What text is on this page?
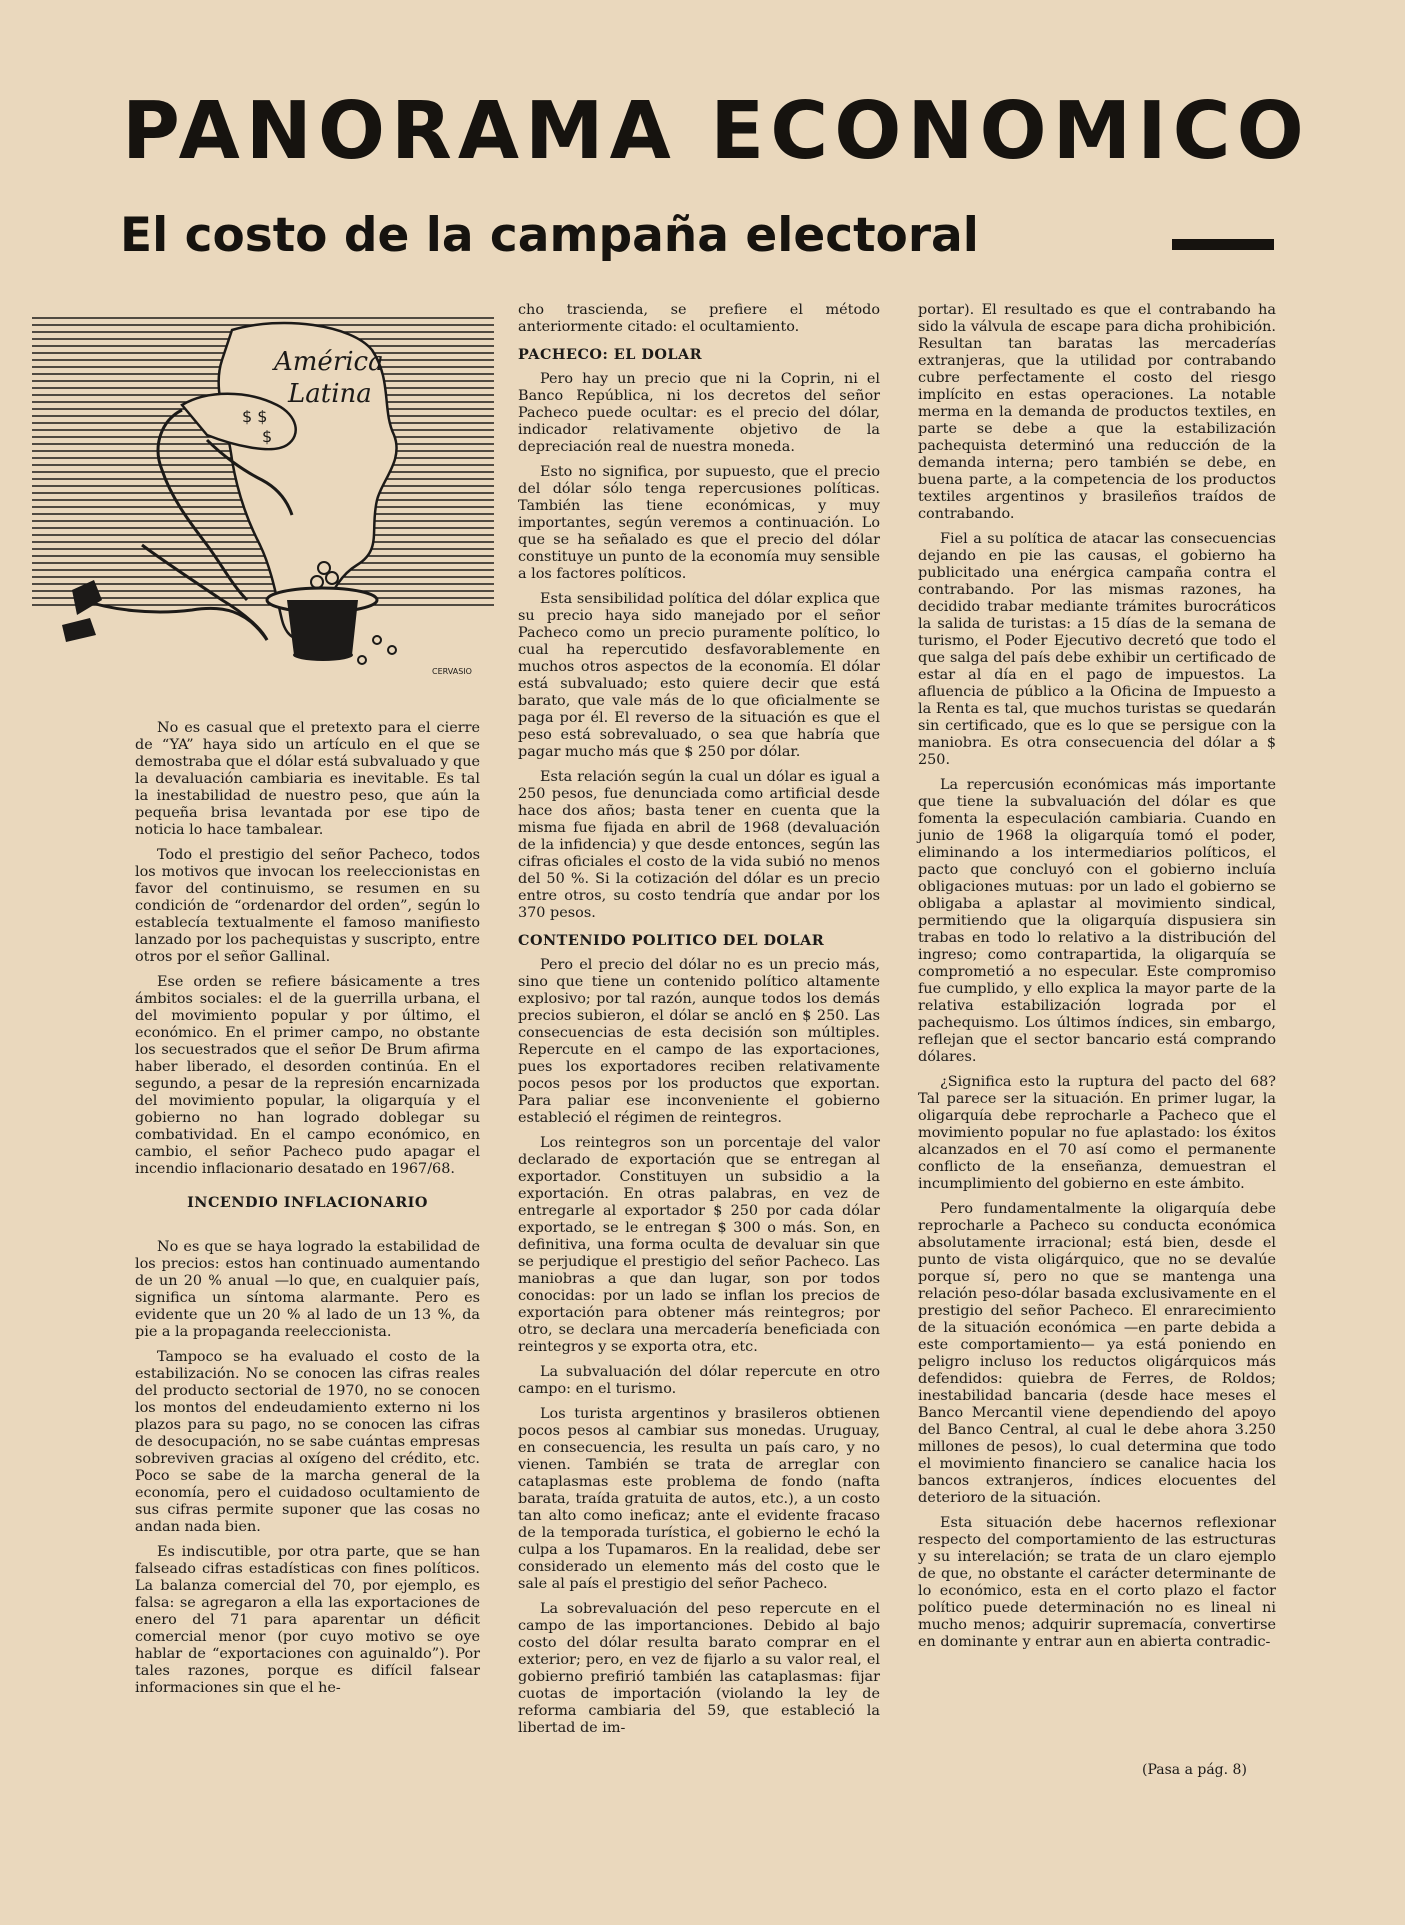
PANORAMA ECONOMICO
El costo de la campaña electoral
$ $
$
América
Latina
CERVASIO

No es casual que el pretexto para el cierre de “YA” haya sido un artículo en el que se demostraba que el dólar está subvaluado y que la devaluación cambiaria es inevitable. Es tal la inestabilidad de nuestro peso, que aún la pequeña brisa levantada por ese tipo de noticia lo hace tambalear.

Todo el prestigio del señor Pacheco, todos los motivos que invocan los reeleccionistas en favor del continuismo, se resumen en su condición de “ordenardor del orden”, según lo establecía textualmente el famoso manifiesto lanzado por los pachequistas y suscripto, entre otros por el señor Gallinal.

Ese orden se refiere básicamente a tres ámbitos sociales: el de la guerrilla urbana, el del movimiento popular y por último, el económico. En el primer campo, no obstante los secuestrados que el señor De Brum afirma haber liberado, el desorden continúa. En el segundo, a pesar de la represión encarnizada del movimiento popular, la oligarquía y el gobierno no han logrado doblegar su combatividad. En el campo económico, en cambio, el señor Pacheco pudo apagar el incendio inflacionario desatado en 1967/68.

INCENDIO INFLACIONARIO

No es que se haya logrado la estabilidad de los precios: estos han continuado aumentando de un 20 % anual —lo que, en cualquier país, significa un síntoma alarmante. Pero es evidente que un 20 % al lado de un 13 %, da pie a la propaganda reeleccionista.

Tampoco se ha evaluado el costo de la estabilización. No se conocen las cifras reales del producto sectorial de 1970, no se conocen los montos del endeudamiento externo ni los plazos para su pago, no se conocen las cifras de desocupación, no se sabe cuántas empresas sobreviven gracias al oxígeno del crédito, etc. Poco se sabe de la marcha general de la economía, pero el cuidadoso ocultamiento de sus cifras permite suponer que las cosas no andan nada bien.

Es indiscutible, por otra parte, que se han falseado cifras estadísticas con fines políticos. La balanza comercial del 70, por ejemplo, es falsa: se agregaron a ella las exportaciones de enero del 71 para aparentar un déficit comercial menor (por cuyo motivo se oye hablar de “exportaciones con aguinaldo”). Por tales razones, porque es difícil falsear informaciones sin que el he-

cho trascienda, se prefiere el método anteriormente citado: el ocultamiento.

PACHECO: EL DOLAR

Pero hay un precio que ni la Coprin, ni el Banco República, ni los decretos del señor Pacheco puede ocultar: es el precio del dólar, indicador relativamente objetivo de la depreciación real de nuestra moneda.

Esto no significa, por supuesto, que el precio del dólar sólo tenga repercusiones políticas. También las tiene económicas, y muy importantes, según veremos a continuación. Lo que se ha señalado es que el precio del dólar constituye un punto de la economía muy sensible a los factores políticos.

Esta sensibilidad política del dólar explica que su precio haya sido manejado por el señor Pacheco como un precio puramente político, lo cual ha repercutido desfavorablemente en muchos otros aspectos de la economía. El dólar está subvaluado; esto quiere decir que está barato, que vale más de lo que oficialmente se paga por él. El reverso de la situación es que el peso está sobrevaluado, o sea que habría que pagar mucho más que $ 250 por dólar.

Esta relación según la cual un dólar es igual a 250 pesos, fue denunciada como artificial desde hace dos años; basta tener en cuenta que la misma fue fijada en abril de 1968 (devaluación de la infidencia) y que desde entonces, según las cifras oficiales el costo de la vida subió no menos del 50 %. Si la cotización del dólar es un precio entre otros, su costo tendría que andar por los 370 pesos.

CONTENIDO POLITICO DEL DOLAR

Pero el precio del dólar no es un precio más, sino que tiene un contenido político altamente explosivo; por tal razón, aunque todos los demás precios subieron, el dólar se ancló en $ 250. Las consecuencias de esta decisión son múltiples. Repercute en el campo de las exportaciones, pues los exportadores reciben relativamente pocos pesos por los productos que exportan. Para paliar ese inconveniente el gobierno estableció el régimen de reintegros.

Los reintegros son un porcentaje del valor declarado de exportación que se entregan al exportador. Constituyen un subsidio a la exportación. En otras palabras, en vez de entregarle al exportador $ 250 por cada dólar exportado, se le entregan $ 300 o más. Son, en definitiva, una forma oculta de devaluar sin que se perjudique el prestigio del señor Pacheco. Las maniobras a que dan lugar, son por todos conocidas: por un lado se inflan los precios de exportación para obtener más reintegros; por otro, se declara una mercadería beneficiada con reintegros y se exporta otra, etc.

La subvaluación del dólar repercute en otro campo: en el turismo.

Los turista argentinos y brasileros obtienen pocos pesos al cambiar sus monedas. Uruguay, en consecuencia, les resulta un país caro, y no vienen. También se trata de arreglar con cataplasmas este problema de fondo (nafta barata, traída gratuita de autos, etc.), a un costo tan alto como ineficaz; ante el evidente fracaso de la temporada turística, el gobierno le echó la culpa a los Tupamaros. En la realidad, debe ser considerado un elemento más del costo que le sale al país el prestigio del señor Pacheco.

La sobrevaluación del peso repercute en el campo de las importanciones. Debido al bajo costo del dólar resulta barato comprar en el exterior; pero, en vez de fijarlo a su valor real, el gobierno prefirió también las cataplasmas: fijar cuotas de importación (violando la ley de reforma cambiaria del 59, que estableció la libertad de im-

portar). El resultado es que el contrabando ha sido la válvula de escape para dicha prohibición. Resultan tan baratas las mercaderías extranjeras, que la utilidad por contrabando cubre perfectamente el costo del riesgo implícito en estas operaciones. La notable merma en la demanda de productos textiles, en parte se debe a que la estabilización pachequista determinó una reducción de la demanda interna; pero también se debe, en buena parte, a la competencia de los productos textiles argentinos y brasileños traídos de contrabando.

Fiel a su política de atacar las consecuencias dejando en pie las causas, el gobierno ha publicitado una enérgica campaña contra el contrabando. Por las mismas razones, ha decidido trabar mediante trámites burocráticos la salida de turistas: a 15 días de la semana de turismo, el Poder Ejecutivo decretó que todo el que salga del país debe exhibir un certificado de estar al día en el pago de impuestos. La afluencia de público a la Oficina de Impuesto a la Renta es tal, que muchos turistas se quedarán sin certificado, que es lo que se persigue con la maniobra. Es otra consecuencia del dólar a $ 250.

La repercusión económicas más importante que tiene la subvaluación del dólar es que fomenta la especulación cambiaria. Cuando en junio de 1968 la oligarquía tomó el poder, eliminando a los intermediarios políticos, el pacto que concluyó con el gobierno incluía obligaciones mutuas: por un lado el gobierno se obligaba a aplastar al movimiento sindical, permitiendo que la oligarquía dispusiera sin trabas en todo lo relativo a la distribución del ingreso; como contrapartida, la oligarquía se comprometió a no especular. Este compromiso fue cumplido, y ello explica la mayor parte de la relativa estabilización lograda por el pachequismo. Los últimos índices, sin embargo, reflejan que el sector bancario está comprando dólares.

¿Significa esto la ruptura del pacto del 68? Tal parece ser la situación. En primer lugar, la oligarquía debe reprocharle a Pacheco que el movimiento popular no fue aplastado: los éxitos alcanzados en el 70 así como el permanente conflicto de la enseñanza, demuestran el incumplimiento del gobierno en este ámbito.

Pero fundamentalmente la oligarquía debe reprocharle a Pacheco su conducta económica absolutamente irracional; está bien, desde el punto de vista oligárquico, que no se devalúe porque sí, pero no que se mantenga una relación peso-dólar basada exclusivamente en el prestigio del señor Pacheco. El enrarecimiento de la situación económica —en parte debida a este comportamiento— ya está poniendo en peligro incluso los reductos oligárquicos más defendidos: quiebra de Ferres, de Roldos; inestabilidad bancaria (desde hace meses el Banco Mercantil viene dependiendo del apoyo del Banco Central, al cual le debe ahora 3.250 millones de pesos), lo cual determina que todo el movimiento financiero se canalice hacia los bancos extranjeros, índices elocuentes del deterioro de la situación.

Esta situación debe hacernos reflexionar respecto del comportamiento de las estructuras y su interelación; se trata de un claro ejemplo de que, no obstante el carácter determinante de lo económico, esta en el corto plazo el factor político puede determinación no es lineal ni mucho menos; adquirir supremacía, convertirse en dominante y entrar aun en abierta contradic-

(Pasa a pág. 8)
